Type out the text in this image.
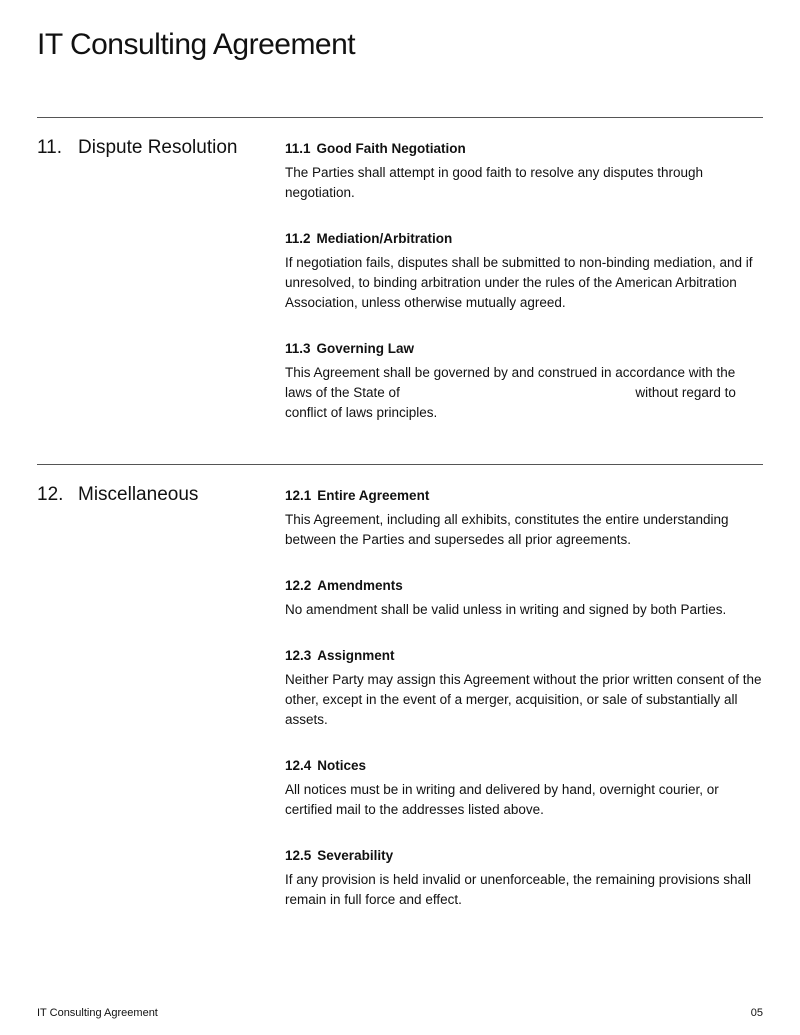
IT Consulting Agreement
11. Dispute Resolution	11.1 Good Faith Negotiation
The Parties shall attempt in good faith to resolve any disputes through negotiation.
11.2 Mediation/Arbitration
If negotiation fails, disputes shall be submitted to non-binding mediation, and if unresolved, to binding arbitration under the rules of the American Arbitration Association, unless otherwise mutually agreed.
11.3 Governing Law
This Agreement shall be governed by and construed in accordance with the laws of the State of	without regard to conflict of laws principles.
12. Miscellaneous	12.1 Entire Agreement
This Agreement, including all exhibits, constitutes the entire understanding between the Parties and supersedes all prior agreements.
12.2 Amendments
No amendment shall be valid unless in writing and signed by both Parties.
12.3 Assignment
Neither Party may assign this Agreement without the prior written consent of the other, except in the event of a merger, acquisition, or sale of substantially all assets.
12.4 Notices
All notices must be in writing and delivered by hand, overnight courier, or certified mail to the addresses listed above.
12.5 Severability
If any provision is held invalid or unenforceable, the remaining provisions shall remain in full force and effect.
IT Consulting Agreement	05
